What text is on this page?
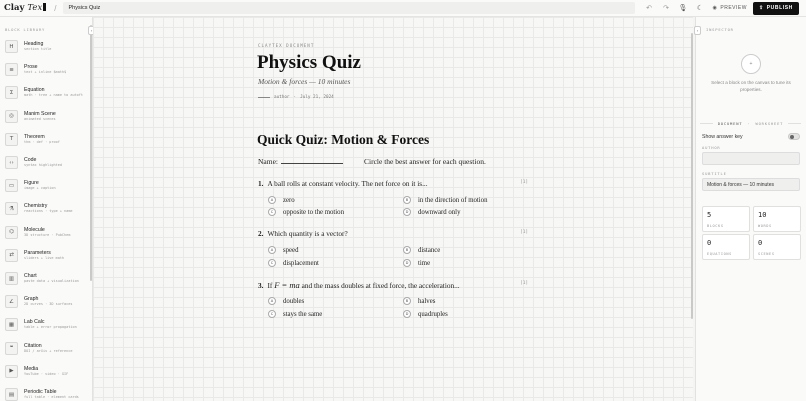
Clay Tex	/ Physics Quiz	↶ ↷ 🎙 ☾ ◉ PREVIEW ⇪ PUBLISH
BLOCK LIBRARY
H	Heading
section title
≡	Prose
text + inline $math$
Σ	Equation
math · tree + name to autoft
◎	Manim Scene
animated scenes
T	Theorem
thm · def · proof
‹›	Code
syntax highlighted
▭	Figure
image + caption
⚗	Chemistry
reactions · type + name
⌬	Molecule
3D structure · PubChem
⇄	Parameters
sliders + live math
▥	Chart
paste data + visualization
∠	Graph
2D curves · 3D surfaces
▦	Lab Calc
table + error propagation
❝	Citation
DOI / arXiv + reference
▶	Media
YouTube · video · GIF
▤	Periodic Table
full table · element cards
‹
CLAYTEX DOCUMENT
Physics Quiz
Motion & forces — 10 minutes
author · July 21, 2024
Quick Quiz: Motion & Forces
Name:	Circle the best answer for each question.
1. A ball rolls at constant velocity. The net force on it is...	[1]
A	zero	B	in the direction of motion
C	opposite to the motion	D	downward only
2. Which quantity is a vector?	[1]
A	speed	B	distance
C	displacement	D	time
3. If F = ma and the mass doubles at fixed force, the acceleration...	[1]
A	doubles	B	halves
C	stays the same	D	quadruples
› INSPECTOR
+
Select a block on the canvas to tune its properties.
DOCUMENT	·	WORKSHEET
Show answer key
AUTHOR
SUBTITLE
Motion & forces — 10 minutes
5
BLOCKS
10
WORDS
0
EQUATIONS
0
SCENES
